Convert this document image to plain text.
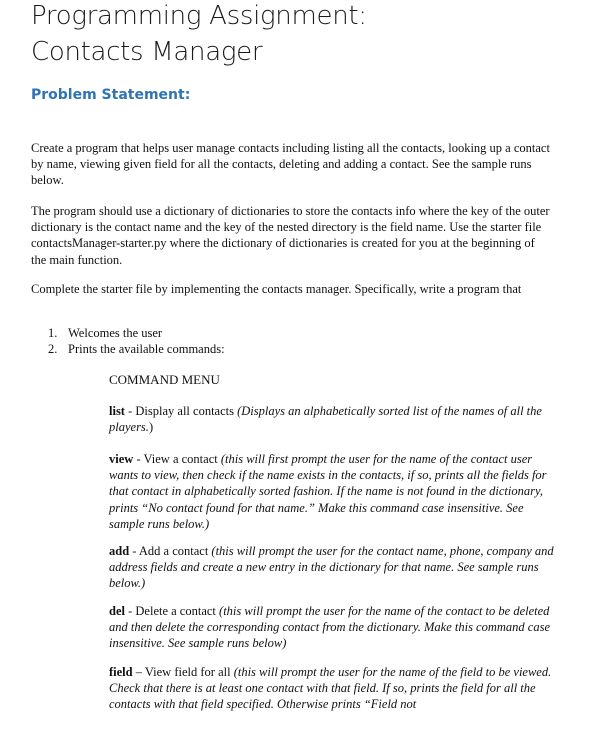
Programming Assignment:
Contacts Manager
Problem Statement:

Create a program that helps user manage contacts including listing all the contacts, looking up a contact by name, viewing given field for all the contacts, deleting and adding a contact. See the sample runs below.

The program should use a dictionary of dictionaries to store the contacts info where the key of the outer dictionary is the contact name and the key of the nested directory is the field name. Use the starter file contactsManager-starter.py where the dictionary of dictionaries is created for you at the beginning of the main function.

Complete the starter file by implementing the contacts manager. Specifically, write a program that

1. Welcomes the user
2. Prints the available commands:

COMMAND MENU

list - Display all contacts (Displays an alphabetically sorted list of the names of all the players.)

view - View a contact (this will first prompt the user for the name of the contact user wants to view, then check if the name exists in the contacts, if so, prints all the fields for that contact in alphabetically sorted fashion. If the name is not found in the dictionary, prints “No contact found for that name.” Make this command case insensitive. See sample runs below.)

add - Add a contact (this will prompt the user for the contact name, phone, company and address fields and create a new entry in the dictionary for that name. See sample runs below.)

del - Delete a contact (this will prompt the user for the name of the contact to be deleted and then delete the corresponding contact from the dictionary. Make this command case insensitive. See sample runs below)

field – View field for all (this will prompt the user for the name of the field to be viewed. Check that there is at least one contact with that field. If so, prints the field for all the contacts with that field specified. Otherwise prints “Field not
